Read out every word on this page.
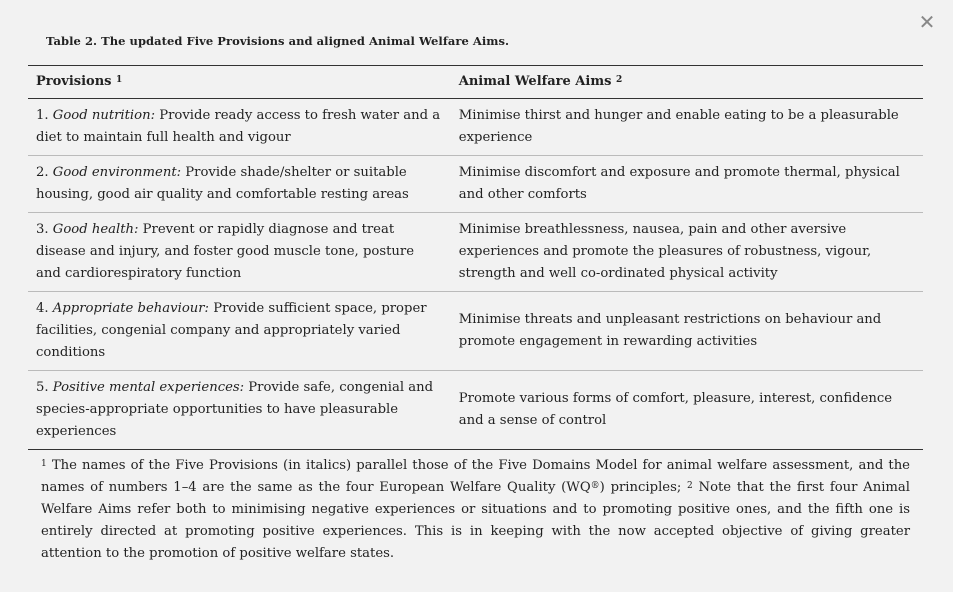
✕
Table 2. The updated Five Provisions and aligned Animal Welfare Aims.
Provisions $^1$	Animal Welfare Aims $^2$
1. Good nutrition: Provide ready access to fresh water and a diet to maintain full health and vigour	Minimise thirst and hunger and enable eating to be a pleasurable experience
2. Good environment: Provide shade/shelter or suitable housing, good air quality and comfortable resting areas	Minimise discomfort and exposure and promote thermal, physical and other comforts
3. Good health: Prevent or rapidly diagnose and treat disease and injury, and foster good muscle tone, posture and cardiorespiratory function	Minimise breathlessness, nausea, pain and other aversive experiences and promote the pleasures of robustness, vigour, strength and well co-ordinated physical activity
4. Appropriate behaviour: Provide sufficient space, proper facilities, congenial company and appropriately varied conditions	Minimise threats and unpleasant restrictions on behaviour and promote engagement in rewarding activities
5. Positive mental experiences: Provide safe, congenial and species-appropriate opportunities to have pleasurable experiences	Promote various forms of comfort, pleasure, interest, confidence and a sense of control
$^1$ The names of the Five Provisions (in italics) parallel those of the Five Domains Model for animal welfare assessment, and the names of numbers 1–4 are the same as the four European Welfare Quality (WQ®) principles; $^2$ Note that the first four Animal Welfare Aims refer both to minimising negative experiences or situations and to promoting positive ones, and the fifth one is entirely directed at promoting positive experiences. This is in keeping with the now accepted objective of giving greater attention to the promotion of positive welfare states.
